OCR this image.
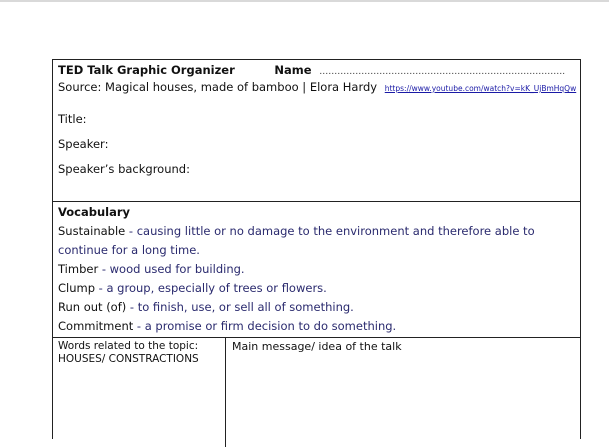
TED Talk Graphic Organizer	Name ……………………………………………………………………….
Source: Magical houses, made of bamboo | Elora Hardy https://www.youtube.com/watch?v=kK_UjBmHqQw
Title:
Speaker:
Speaker’s background:
Vocabulary
Sustainable - causing little or no damage to the environment and therefore able to
continue for a long time.
Timber - wood used for building.
Clump - a group, especially of trees or flowers.
Run out (of) - to finish, use, or sell all of something.
Commitment - a promise or firm decision to do something.
Words related to the topic:
HOUSES/ CONSTRACTIONS
Main message/ idea of the talk
